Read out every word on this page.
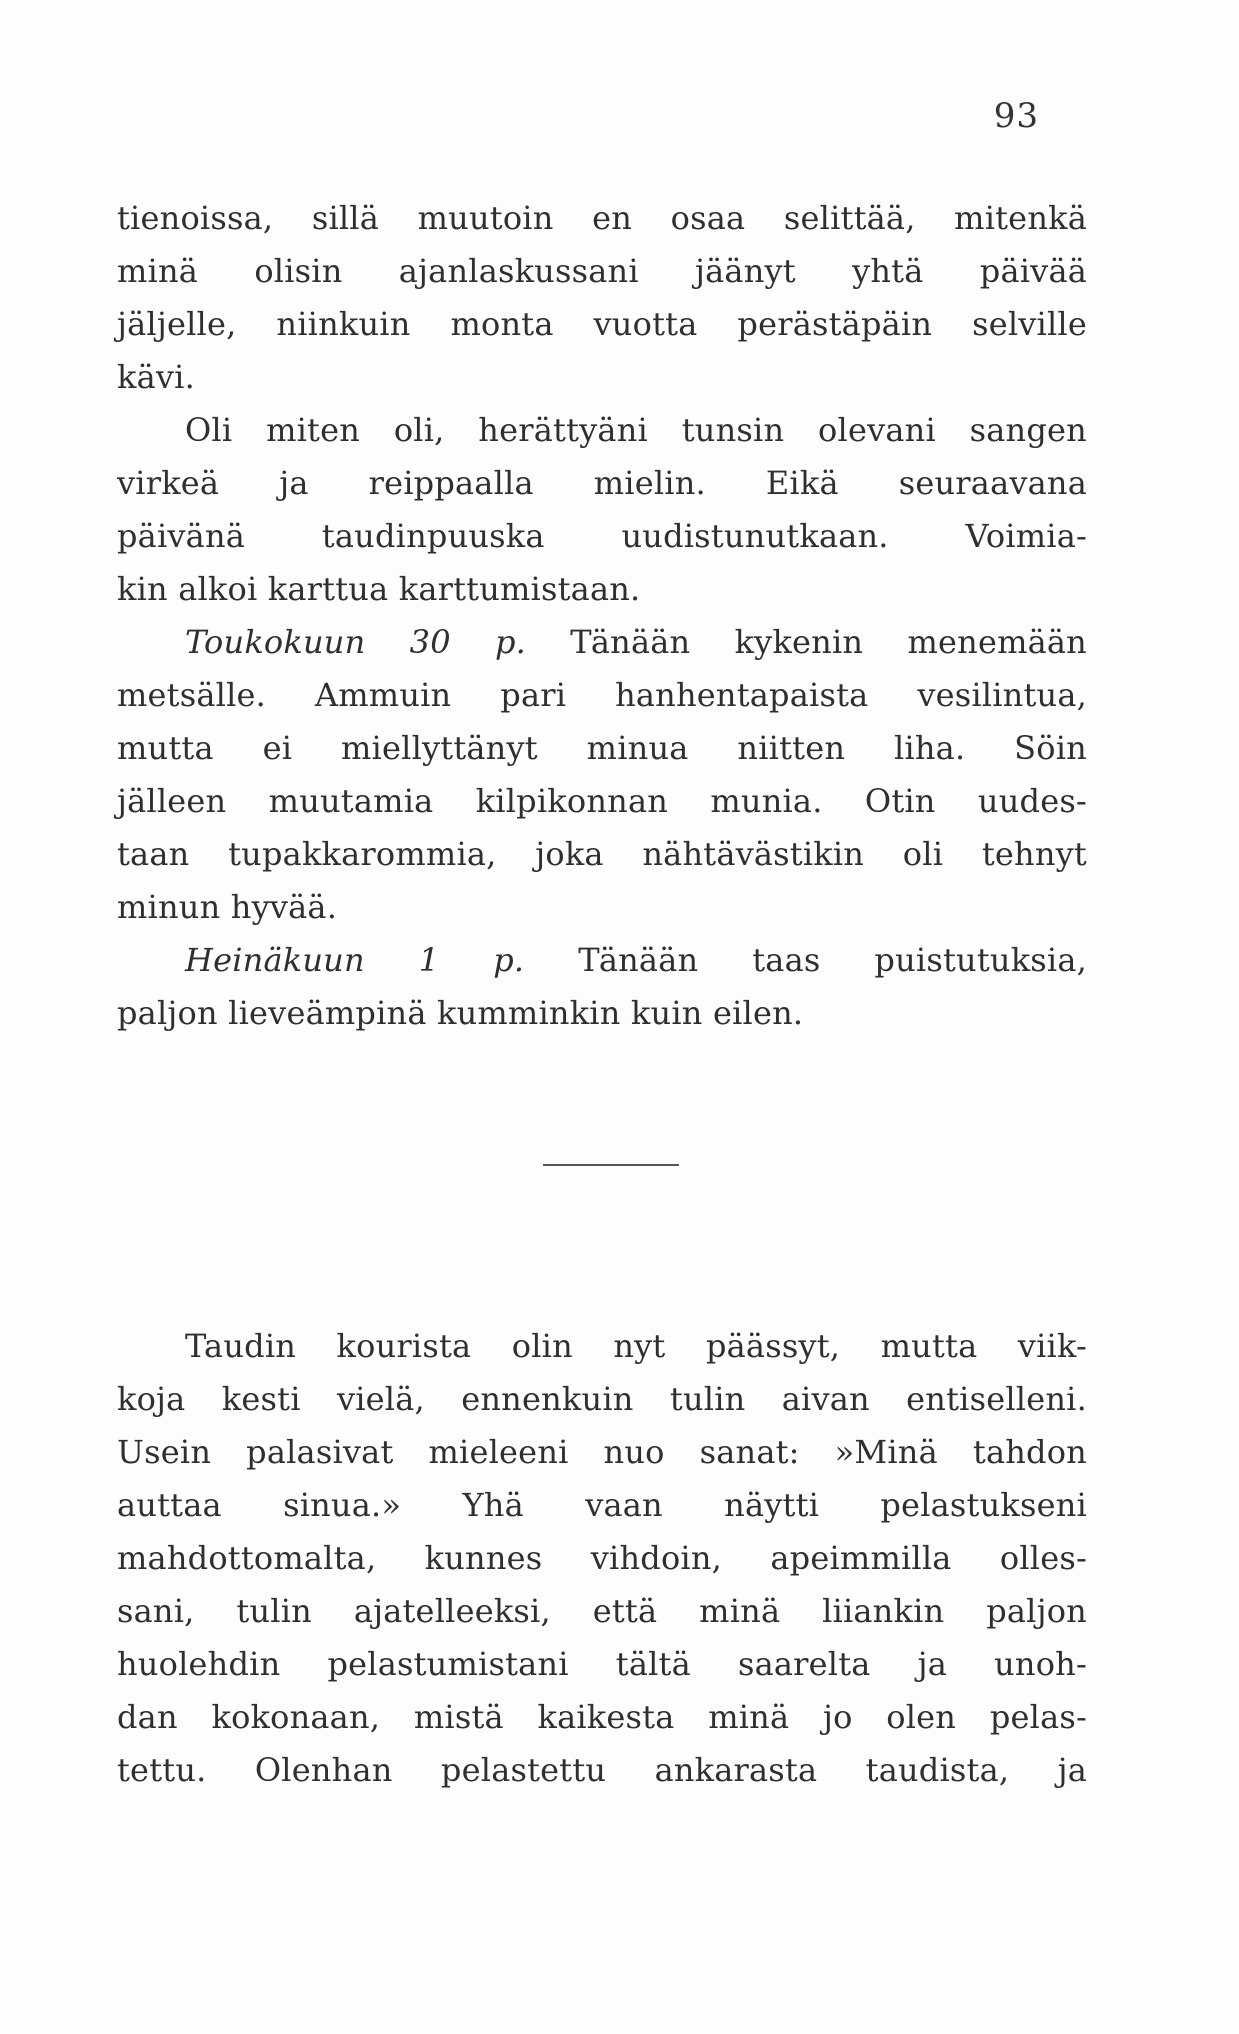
93
tienoissa, sillä muutoin en osaa selittää, mitenkä
minä olisin ajanlaskussani jäänyt yhtä päivää
jäljelle, niinkuin monta vuotta perästäpäin selville
kävi.
Oli miten oli, herättyäni tunsin olevani sangen
virkeä ja reippaalla mielin. Eikä seuraavana
päivänä taudinpuuska uudistunutkaan. Voimia-
kin alkoi karttua karttumistaan.
Toukokuun 30 p. Tänään kykenin menemään
metsälle. Ammuin pari hanhentapaista vesilintua,
mutta ei miellyttänyt minua niitten liha. Söin
jälleen muutamia kilpikonnan munia. Otin uudes-
taan tupakkarommia, joka nähtävästikin oli tehnyt
minun hyvää.
Heinäkuun 1 p. Tänään taas puistutuksia,
paljon lieveämpinä kumminkin kuin eilen.
Taudin kourista olin nyt päässyt, mutta viik-
koja kesti vielä, ennenkuin tulin aivan entiselleni.
Usein palasivat mieleeni nuo sanat: »Minä tahdon
auttaa sinua.» Yhä vaan näytti pelastukseni
mahdottomalta, kunnes vihdoin, apeimmilla olles-
sani, tulin ajatelleeksi, että minä liiankin paljon
huolehdin pelastumistani tältä saarelta ja unoh-
dan kokonaan, mistä kaikesta minä jo olen pelas-
tettu. Olenhan pelastettu ankarasta taudista, ja
